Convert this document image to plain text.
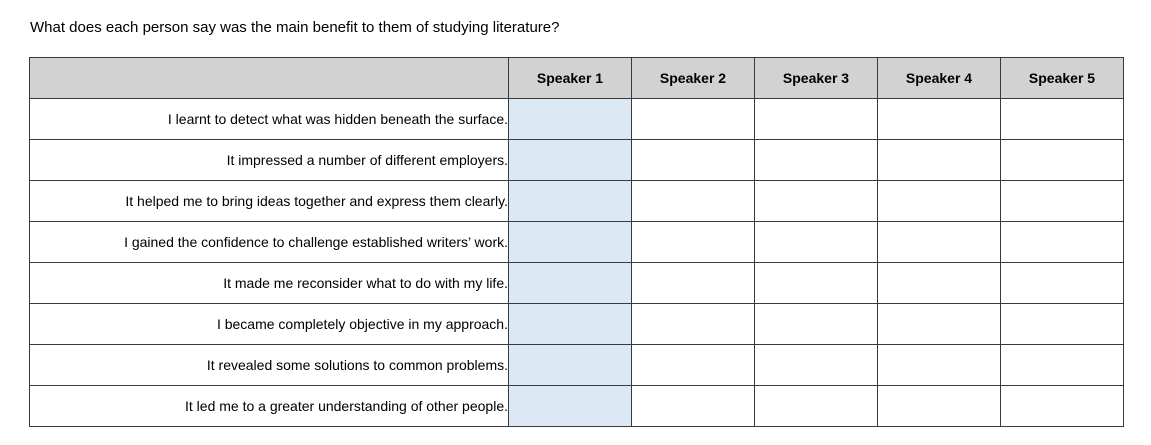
What does each person say was the main benefit to them of studying literature?
	Speaker 1	Speaker 2	Speaker 3	Speaker 4	Speaker 5
I learnt to detect what was hidden beneath the surface.					
It impressed a number of different employers.					
It helped me to bring ideas together and express them clearly.					
I gained the confidence to challenge established writers’ work.					
It made me reconsider what to do with my life.					
I became completely objective in my approach.					
It revealed some solutions to common problems.					
It led me to a greater understanding of other people.					
